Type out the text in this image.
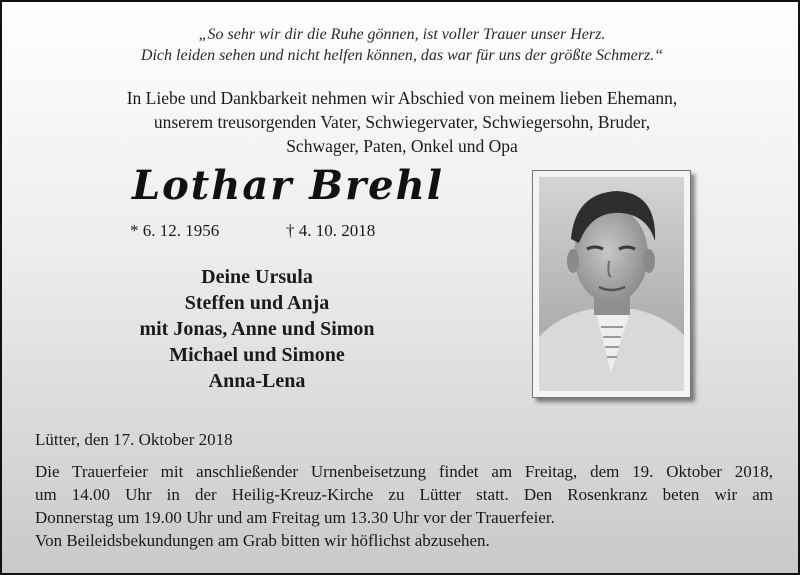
„So sehr wir dir die Ruhe gönnen, ist voller Trauer unser Herz.
Dich leiden sehen und nicht helfen können, das war für uns der größte Schmerz.“
In Liebe und Dankbarkeit nehmen wir Abschied von meinem lieben Ehemann,
unserem treusorgenden Vater, Schwiegervater, Schwiegersohn, Bruder,
Schwager, Paten, Onkel und Opa
Lothar Brehl
* 6. 12. 1956	† 4. 10. 2018
Deine Ursula
Steffen und Anja
mit Jonas, Anne und Simon
Michael und Simone
Anna-Lena
Lütter, den 17. Oktober 2018
Die Trauerfeier mit anschließender Urnenbeisetzung findet am Freitag, dem 19. Oktober 2018,
um 14.00 Uhr in der Heilig-Kreuz-Kirche zu Lütter statt. Den Rosenkranz beten wir am
Donnerstag um 19.00 Uhr und am Freitag um 13.30 Uhr vor der Trauerfeier.
Von Beileidsbekundungen am Grab bitten wir höflichst abzusehen.
